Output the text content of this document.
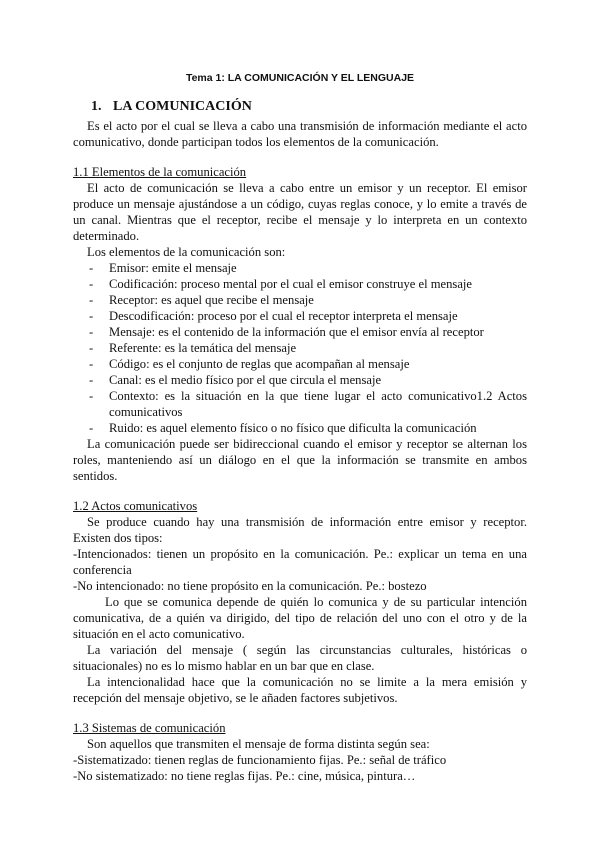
Tema 1: LA COMUNICACIÓN Y EL LENGUAJE
1. LA COMUNICACIÓN

Es el acto por el cual se lleva a cabo una transmisión de información mediante el acto comunicativo, donde participan todos los elementos de la comunicación.

1.1 Elementos de la comunicación

El acto de comunicación se lleva a cabo entre un emisor y un receptor. El emisor produce un mensaje ajustándose a un código, cuyas reglas conoce, y lo emite a través de un canal. Mientras que el receptor, recibe el mensaje y lo interpreta en un contexto determinado.

Los elementos de la comunicación son:

- Emisor: emite el mensaje
- Codificación: proceso mental por el cual el emisor construye el mensaje
- Receptor: es aquel que recibe el mensaje
- Descodificación: proceso por el cual el receptor interpreta el mensaje
- Mensaje: es el contenido de la información que el emisor envía al receptor
- Referente: es la temática del mensaje
- Código: es el conjunto de reglas que acompañan al mensaje
- Canal: es el medio físico por el que circula el mensaje
- Contexto: es la situación en la que tiene lugar el acto comunicativo1.2 Actos comunicativos
- Ruido: es aquel elemento físico o no físico que dificulta la comunicación

La comunicación puede ser bidireccional cuando el emisor y receptor se alternan los roles, manteniendo así un diálogo en el que la información se transmite en ambos sentidos.

1.2 Actos comunicativos

Se produce cuando hay una transmisión de información entre emisor y receptor. Existen dos tipos:

-Intencionados: tienen un propósito en la comunicación. Pe.: explicar un tema en una conferencia

-No intencionado: no tiene propósito en la comunicación. Pe.: bostezo

Lo que se comunica depende de quién lo comunica y de su particular intención comunicativa, de a quién va dirigido, del tipo de relación del uno con el otro y de la situación en el acto comunicativo.

La variación del mensaje ( según las circunstancias culturales, históricas o situacionales) no es lo mismo hablar en un bar que en clase.

La intencionalidad hace que la comunicación no se limite a la mera emisión y recepción del mensaje objetivo, se le añaden factores subjetivos.

1.3 Sistemas de comunicación

Son aquellos que transmiten el mensaje de forma distinta según sea:

-Sistematizado: tienen reglas de funcionamiento fijas. Pe.: señal de tráfico

-No sistematizado: no tiene reglas fijas. Pe.: cine, música, pintura…
